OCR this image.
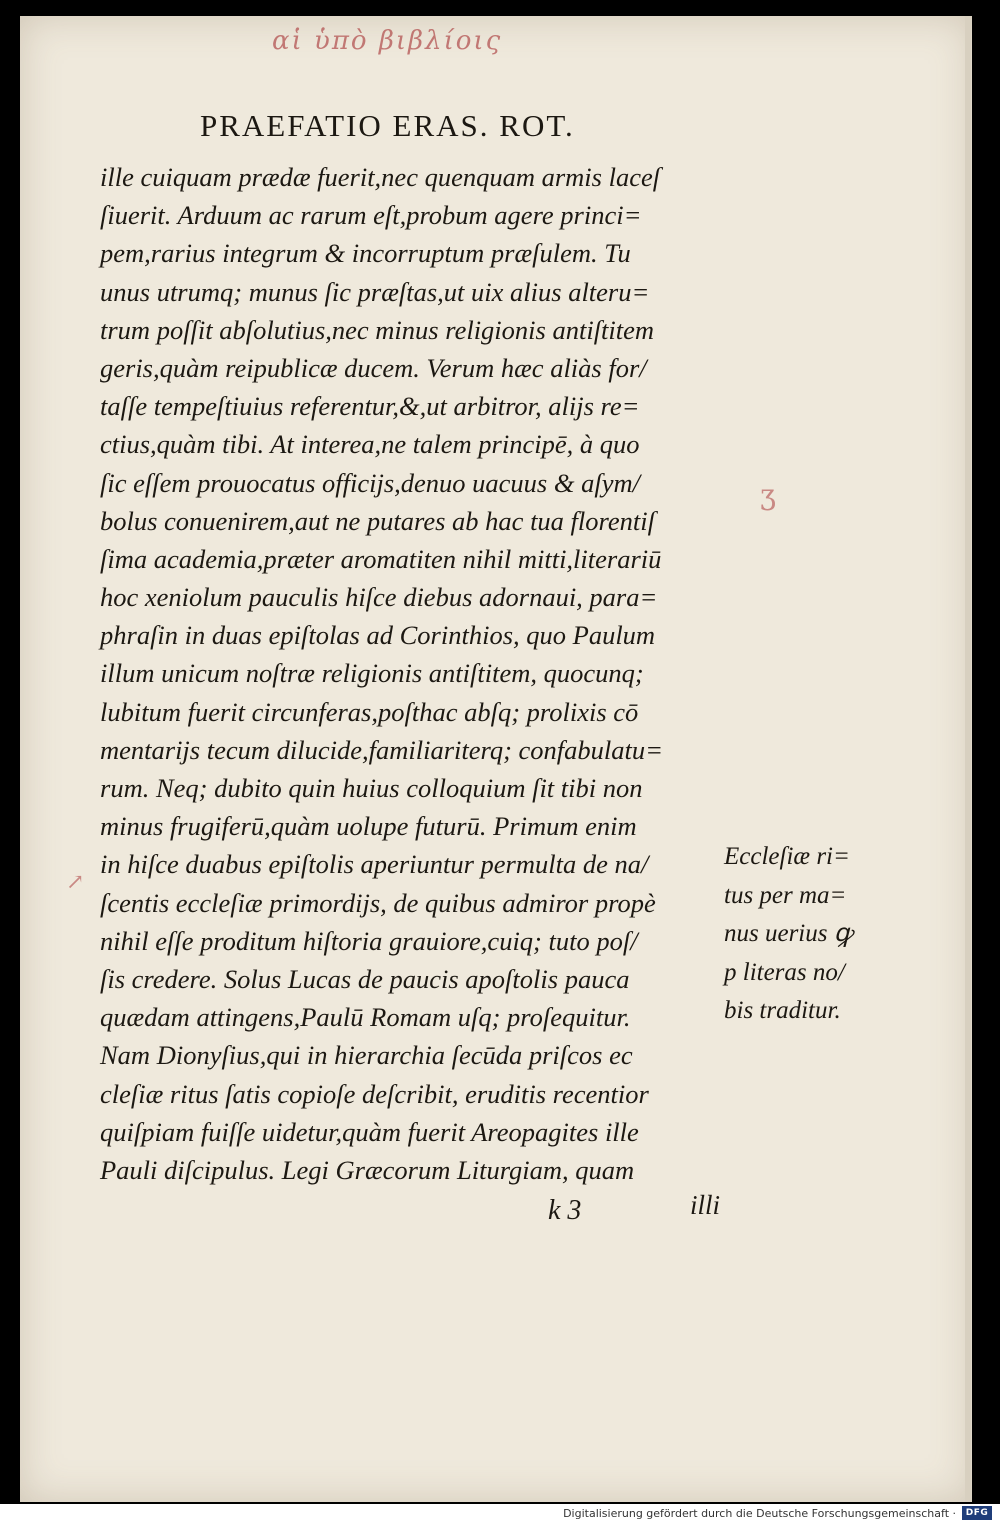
αἱ ὑπὸ βιβλίοις
PRAEFATIO ERAS. ROT.
ille cuiquam prædæ fuerit,nec quenquam armis laceſ
ſiuerit. Arduum ac rarum eſt,probum agere princi=
pem,rarius integrum & incorruptum præſulem. Tu
unus utrumq; munus ſic præſtas,ut uix alius alteru=
trum poſſit abſolutius,nec minus religionis antiſtitem
geris,quàm reipublicæ ducem. Verum hæc aliàs for/
taſſe tempeſtiuius referentur,&,ut arbitror, alijs re=
ctius,quàm tibi. At interea,ne talem principē, à quo
ſic eſſem prouocatus officijs,denuo uacuus & aſym/
bolus conuenirem,aut ne putares ab hac tua florentiſ
ſima academia,præter aromatiten nihil mitti,literariū
hoc xeniolum pauculis hiſce diebus adornaui, para=
phraſin in duas epiſtolas ad Corinthios, quo Paulum
illum unicum noſtræ religionis antiſtitem, quocunq;
lubitum fuerit circunferas,poſthac abſq; prolixis cō
mentarijs tecum dilucide,familiariterq; confabulatu=
rum. Neq; dubito quin huius colloquium ſit tibi non
minus frugiferū,quàm uolupe futurū. Primum enim
in hiſce duabus epiſtolis aperiuntur permulta de na/
ſcentis eccleſiæ primordijs, de quibus admiror propè
nihil eſſe proditum hiſtoria grauiore,cuiq; tuto poſ/
ſis credere. Solus Lucas de paucis apoſtolis pauca
quædam attingens,Paulū Romam uſq; proſequitur.
Nam Dionyſius,qui in hierarchia ſecūda priſcos ec
cleſiæ ritus ſatis copioſe deſcribit, eruditis recentior
quiſpiam fuiſſe uidetur,quàm fuerit Areopagites ille
Pauli diſcipulus. Legi Græcorum Liturgiam, quam
Eccleſiæ ri=
tus per ma=
nus uerius ꝙ
p literas no/
bis traditur.
ʒ
↗
k 3	illi
Digitalisierung gefördert durch die Deutsche Forschungsgemeinschaft ·	DFG
